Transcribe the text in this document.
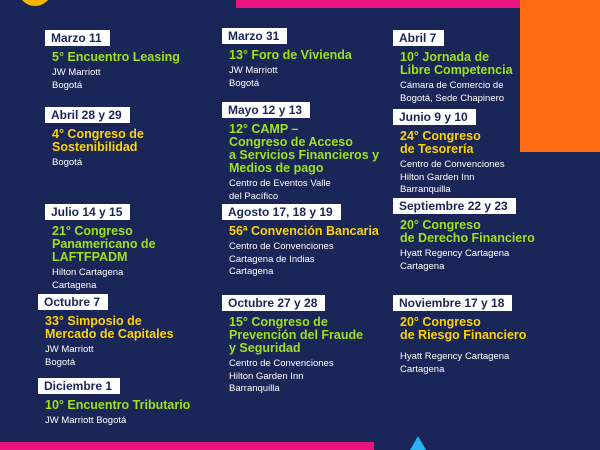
Marzo 11
5° Encuentro Leasing
JW Marriott
Bogotá
Abril 28 y 29
4° Congreso de
Sostenibilidad
Bogotá
Julio 14 y 15
21° Congreso
Panamericano de
LAFTFPADM
Hilton Cartagena
Cartagena
Octubre 7
33° Simposio de
Mercado de Capitales
JW Marriott
Bogotá
Diciembre 1
10° Encuentro Tributario
JW Marriott Bogotá
Marzo 31
13° Foro de Vivienda
JW Marriott
Bogotá
Mayo 12 y 13
12° CAMP –
Congreso de Acceso
a Servicios Financieros y
Medios de pago
Centro de Eventos Valle
del Pacífico
Agosto 17, 18 y 19
56ª Convención Bancaria
Centro de Convenciones
Cartagena de Indias
Cartagena
Octubre 27 y 28
15° Congreso de
Prevención del Fraude
y Seguridad
Centro de Convenciones
Hilton Garden Inn
Barranquilla
Abril 7
10° Jornada de
Libre Competencia
Cámara de Comercio de
Bogotá, Sede Chapinero
Junio 9 y 10
24° Congreso
de Tesorería
Centro de Convenciones
Hilton Garden Inn
Barranquilla
Septiembre 22 y 23
20° Congreso
de Derecho Financiero
Hyatt Regency Cartagena
Cartagena
Noviembre 17 y 18
20° Congreso
de Riesgo Financiero
Hyatt Regency Cartagena
Cartagena
